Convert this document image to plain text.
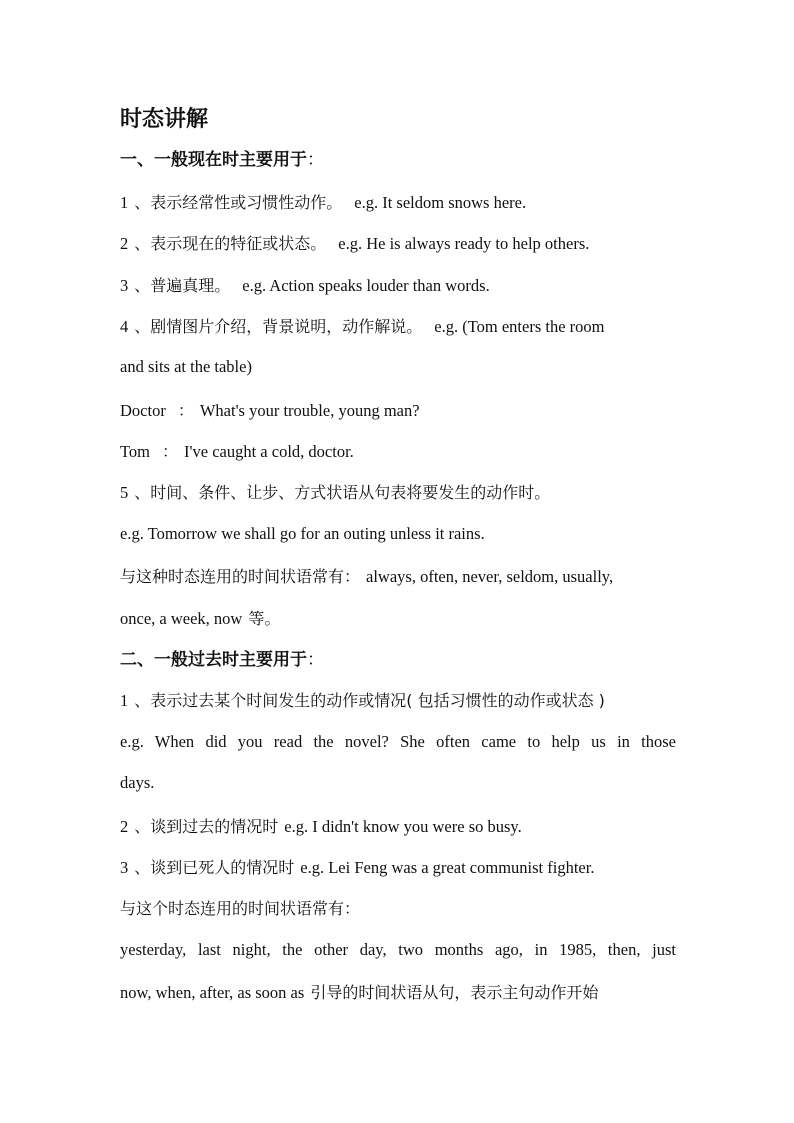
时态讲解
一、一般现在时主要用于：
1 、表示经常性或习惯性动作。 e.g. It seldom snows here.
2 、表示现在的特征或状态。 e.g. He is always ready to help others.
3 、普遍真理。 e.g. Action speaks louder than words.
4 、剧情图片介绍，背景说明，动作解说。 e.g. (Tom enters the room
and sits at the table)
Doctor ： What's your trouble, young man?
Tom ： I've caught a cold, doctor.
5 、时间、条件、让步、方式状语从句表将要发生的动作时。
e.g. Tomorrow we shall go for an outing unless it rains.
与这种时态连用的时间状语常有： always, often, never, seldom, usually,
once, a week, now 等。
二、一般过去时主要用于：
1 、表示过去某个时间发生的动作或情况( 包括习惯性的动作或状态 )
e.g. When did you read the novel? She often came to help us in those
days.
2 、谈到过去的情况时 e.g. I didn't know you were so busy.
3 、谈到已死人的情况时 e.g. Lei Feng was a great communist fighter.
与这个时态连用的时间状语常有：
yesterday, last night, the other day, two months ago, in 1985, then, just
now, when, after, as soon as 引导的时间状语从句，表示主句动作开始
